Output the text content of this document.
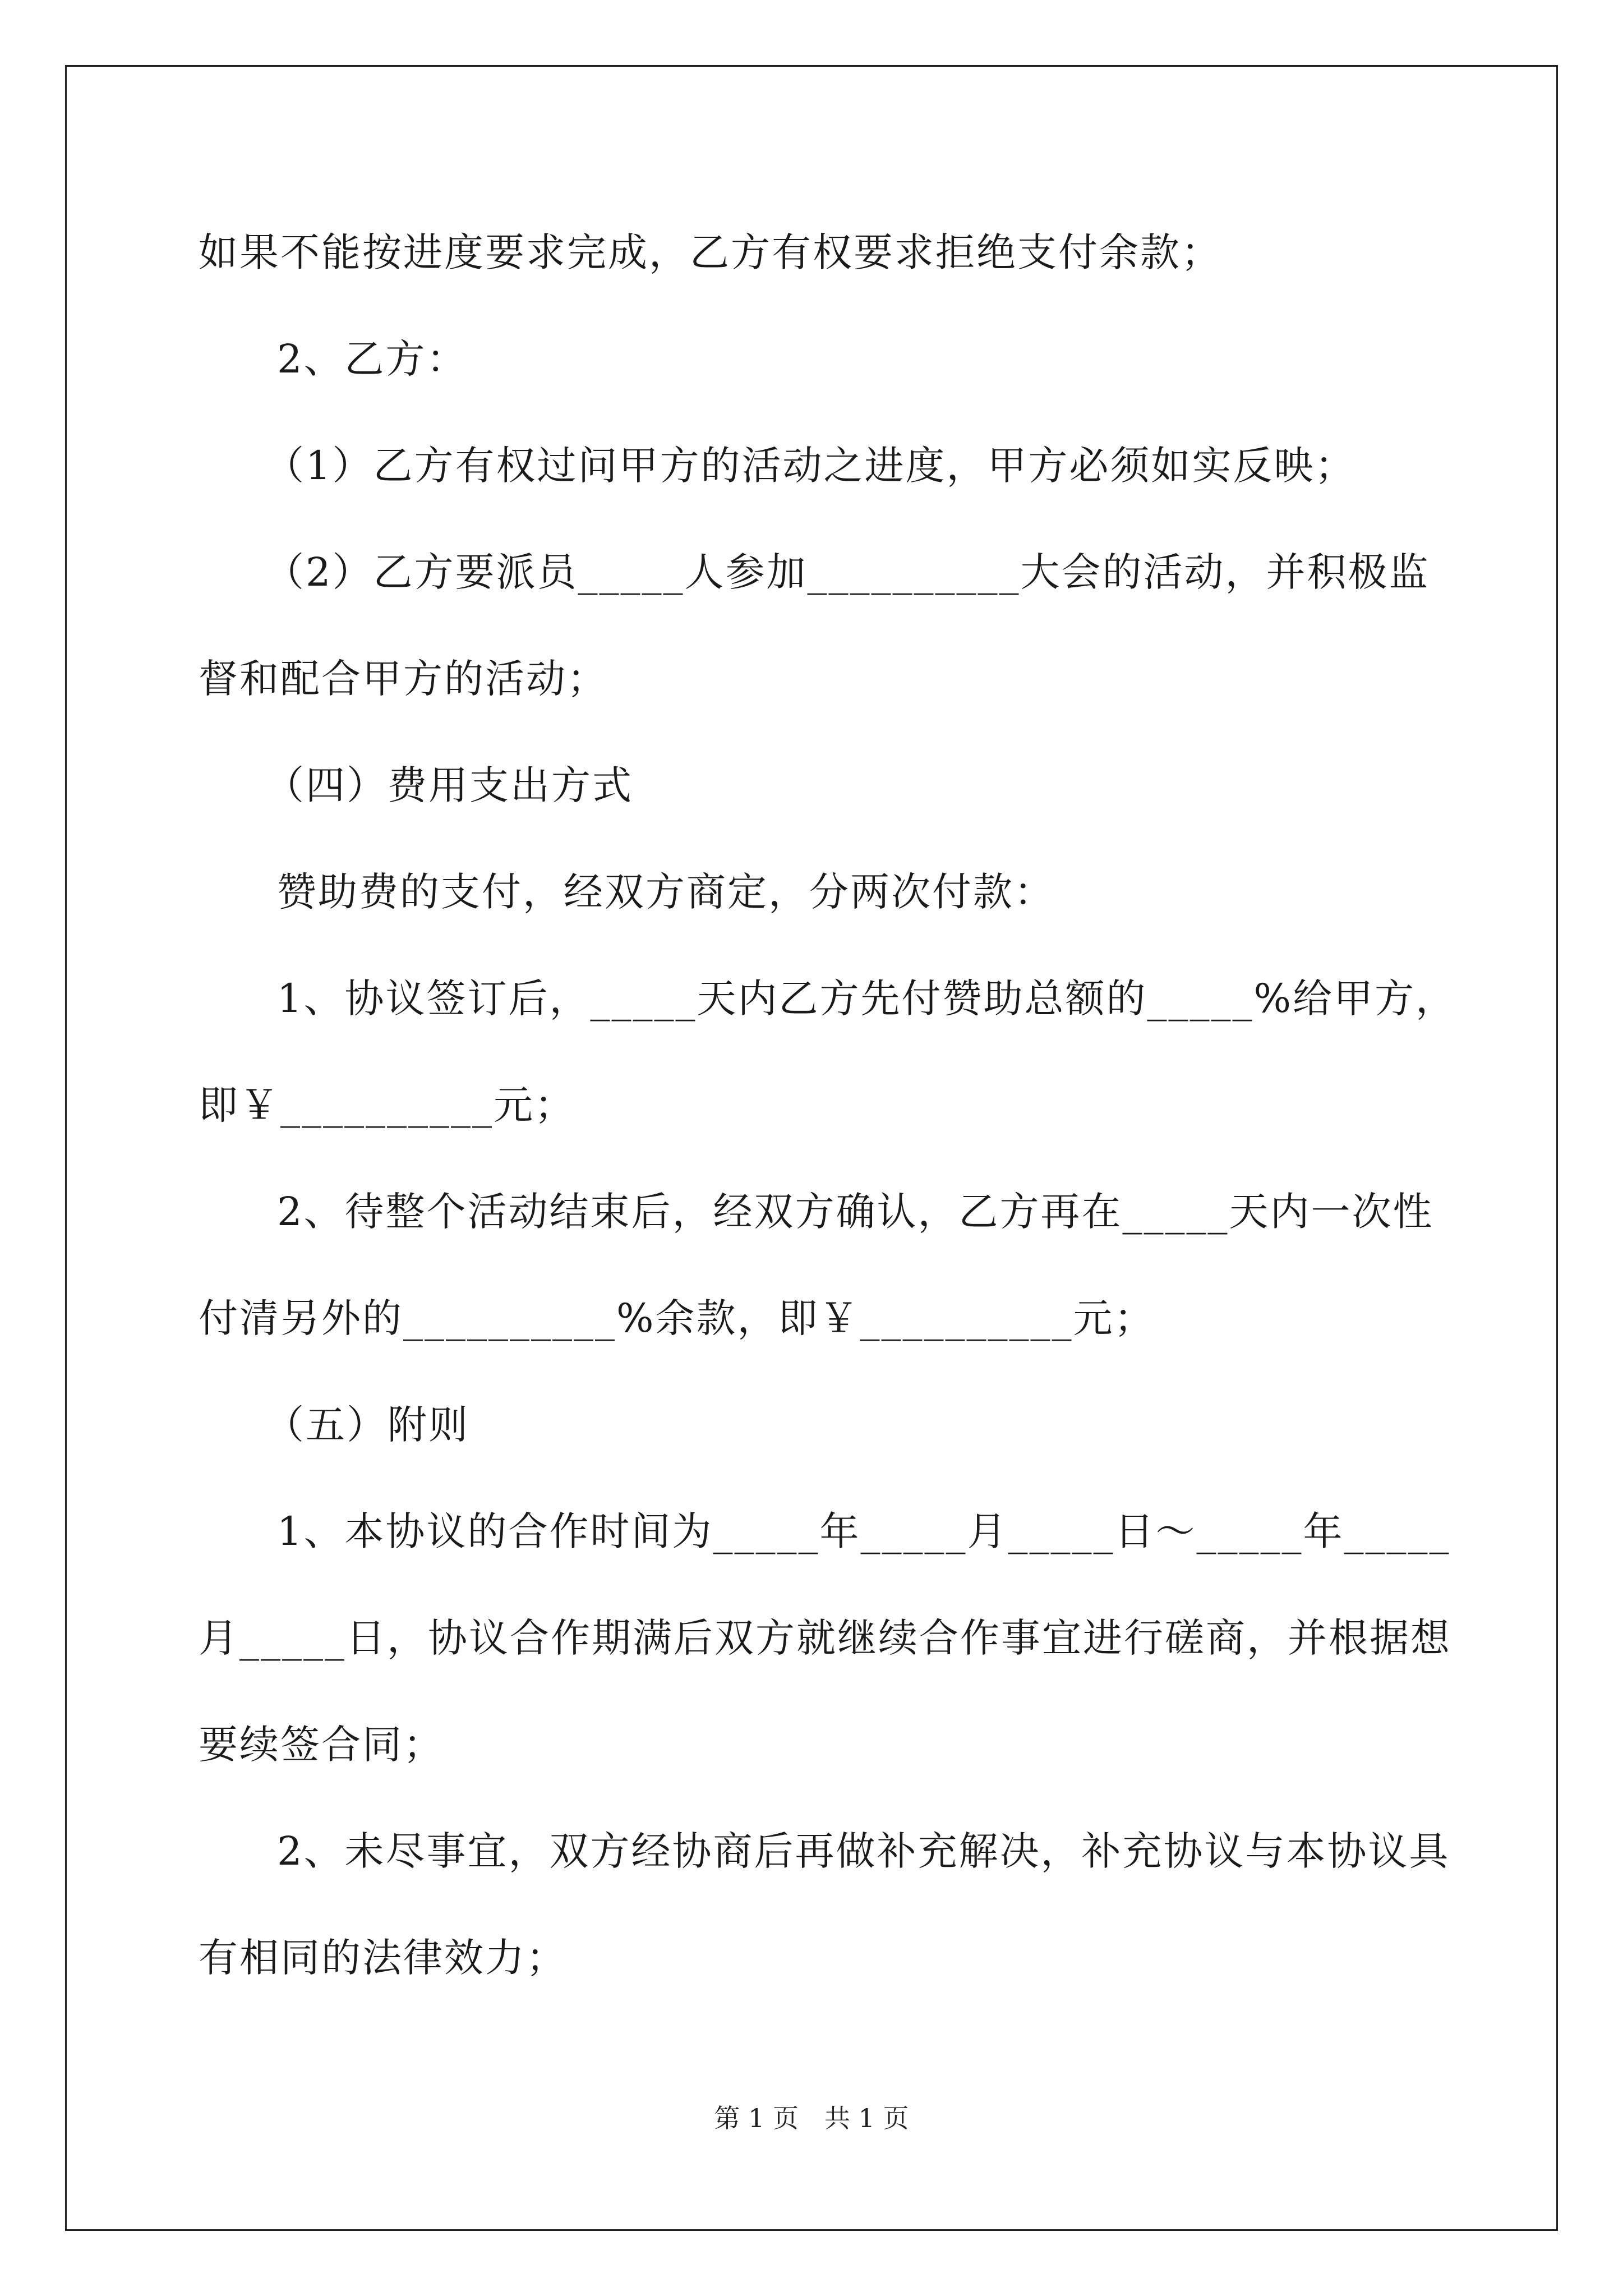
如果不能按进度要求完成，乙方有权要求拒绝支付余款；
2、乙方：
（1）乙方有权过问甲方的活动之进度，甲方必须如实反映；
（2）乙方要派员_____人参加__________大会的活动，并积极监
督和配合甲方的活动；
（四）费用支出方式
赞助费的支付，经双方商定，分两次付款：
1、协议签订后，_____天内乙方先付赞助总额的_____%给甲方，
即￥__________元；
2、待整个活动结束后，经双方确认，乙方再在_____天内一次性
付清另外的__________%余款，即￥__________元；
（五）附则
1、本协议的合作时间为_____年_____月_____日～_____年_____
月_____日，协议合作期满后双方就继续合作事宜进行磋商，并根据想
要续签合同；
2、未尽事宜，双方经协商后再做补充解决，补充协议与本协议具
有相同的法律效力；
第 1 页　共 1 页
